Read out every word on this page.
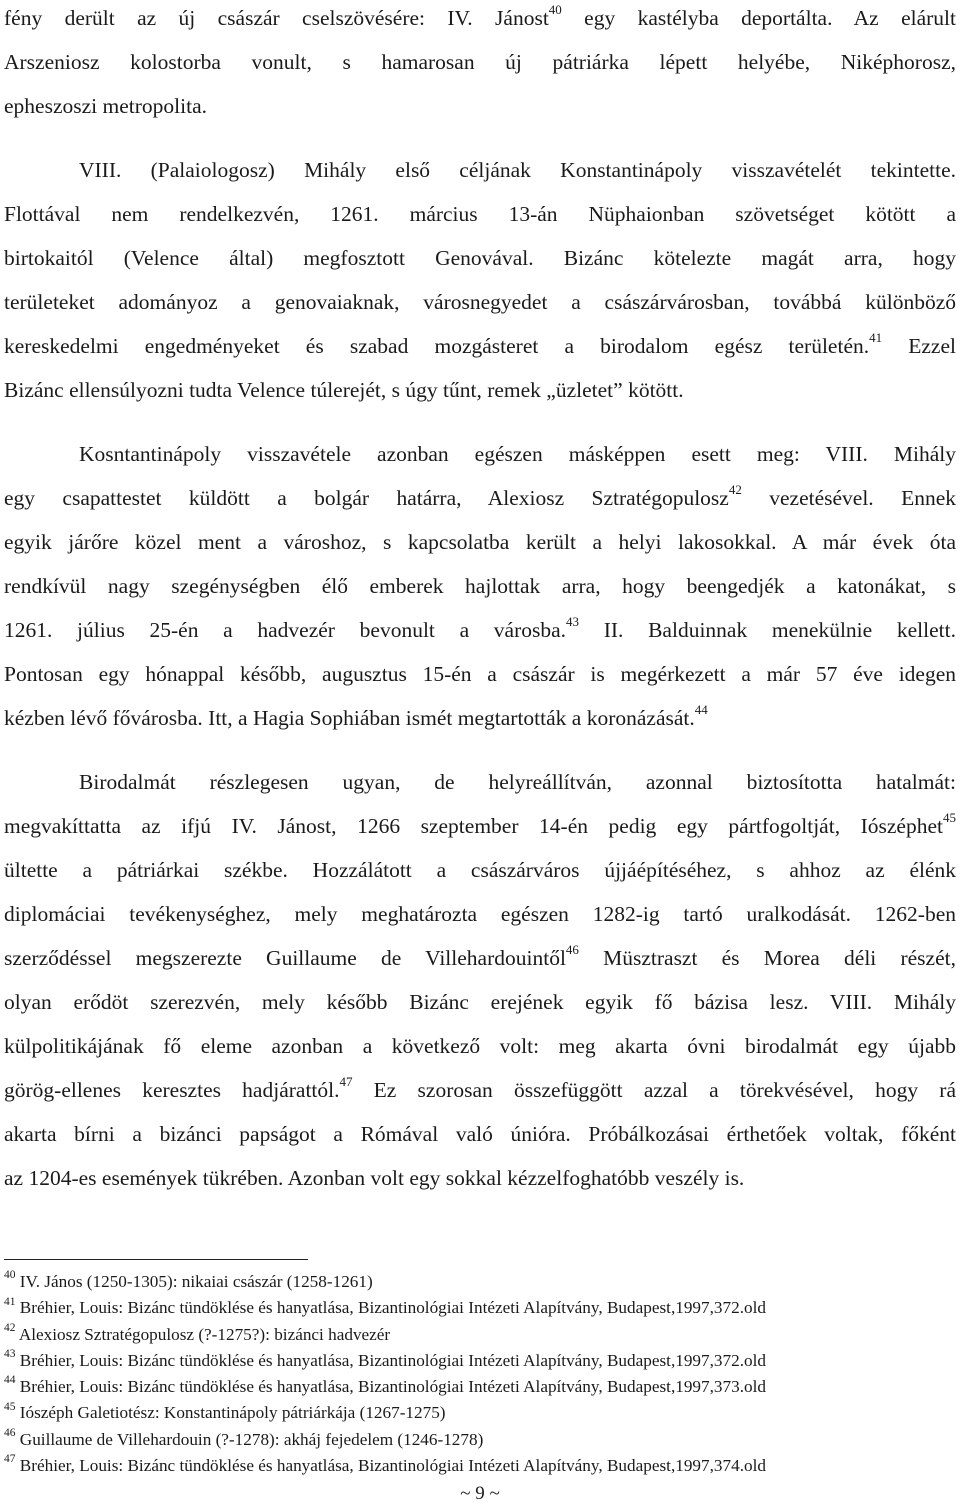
fény derült az új császár cselszövésére: IV. Jánost$^{40}$ egy kastélyba deportálta. Az elárult
Arszeniosz kolostorba vonult, s hamarosan új pátriárka lépett helyébe, Niképhorosz,
epheszoszi metropolita.
VIII. (Palaiologosz) Mihály első céljának Konstantinápoly visszavételét tekintette.
Flottával nem rendelkezvén, 1261. március 13-án Nüphaionban szövetséget kötött a
birtokaitól (Velence által) megfosztott Genovával. Bizánc kötelezte magát arra, hogy
területeket adományoz a genovaiaknak, városnegyedet a császárvárosban, továbbá különböző
kereskedelmi engedményeket és szabad mozgásteret a birodalom egész területén.$^{41}$ Ezzel
Bizánc ellensúlyozni tudta Velence túlerejét, s úgy tűnt, remek „üzletet” kötött.
Kosntantinápoly visszavétele azonban egészen másképpen esett meg: VIII. Mihály
egy csapattestet küldött a bolgár határra, Alexiosz Sztratégopulosz$^{42}$ vezetésével. Ennek
egyik járőre közel ment a városhoz, s kapcsolatba került a helyi lakosokkal. A már évek óta
rendkívül nagy szegénységben élő emberek hajlottak arra, hogy beengedjék a katonákat, s
1261. július 25-én a hadvezér bevonult a városba.$^{43}$ II. Balduinnak menekülnie kellett.
Pontosan egy hónappal később, augusztus 15-én a császár is megérkezett a már 57 éve idegen
kézben lévő fővárosba. Itt, a Hagia Sophiában ismét megtartották a koronázását.$^{44}$
Birodalmát részlegesen ugyan, de helyreállítván, azonnal biztosította hatalmát:
megvakíttatta az ifjú IV. Jánost, 1266 szeptember 14-én pedig egy pártfogoltját, Iószéphet$^{45}$
ültette a pátriárkai székbe. Hozzálátott a császárváros újjáépítéséhez, s ahhoz az élénk
diplomáciai tevékenységhez, mely meghatározta egészen 1282-ig tartó uralkodását. 1262-ben
szerződéssel megszerezte Guillaume de Villehardouintől$^{46}$ Müsztraszt és Morea déli részét,
olyan erődöt szerezvén, mely később Bizánc erejének egyik fő bázisa lesz. VIII. Mihály
külpolitikájának fő eleme azonban a következő volt: meg akarta óvni birodalmát egy újabb
görög-ellenes keresztes hadjárattól.$^{47}$ Ez szorosan összefüggött azzal a törekvésével, hogy rá
akarta bírni a bizánci papságot a Rómával való únióra. Próbálkozásai érthetőek voltak, főként
az 1204-es események tükrében. Azonban volt egy sokkal kézzelfoghatóbb veszély is.
$^{40}$ IV. János (1250-1305): nikaiai császár (1258-1261)
$^{41}$ Bréhier, Louis: Bizánc tündöklése és hanyatlása, Bizantinológiai Intézeti Alapítvány, Budapest,1997,372.old
$^{42}$ Alexiosz Sztratégopulosz (?-1275?): bizánci hadvezér
$^{43}$ Bréhier, Louis: Bizánc tündöklése és hanyatlása, Bizantinológiai Intézeti Alapítvány, Budapest,1997,372.old
$^{44}$ Bréhier, Louis: Bizánc tündöklése és hanyatlása, Bizantinológiai Intézeti Alapítvány, Budapest,1997,373.old
$^{45}$ Iószéph Galetiotész: Konstantinápoly pátriárkája (1267-1275)
$^{46}$ Guillaume de Villehardouin (?-1278): akháj fejedelem (1246-1278)
$^{47}$ Bréhier, Louis: Bizánc tündöklése és hanyatlása, Bizantinológiai Intézeti Alapítvány, Budapest,1997,374.old
~ 9 ~
